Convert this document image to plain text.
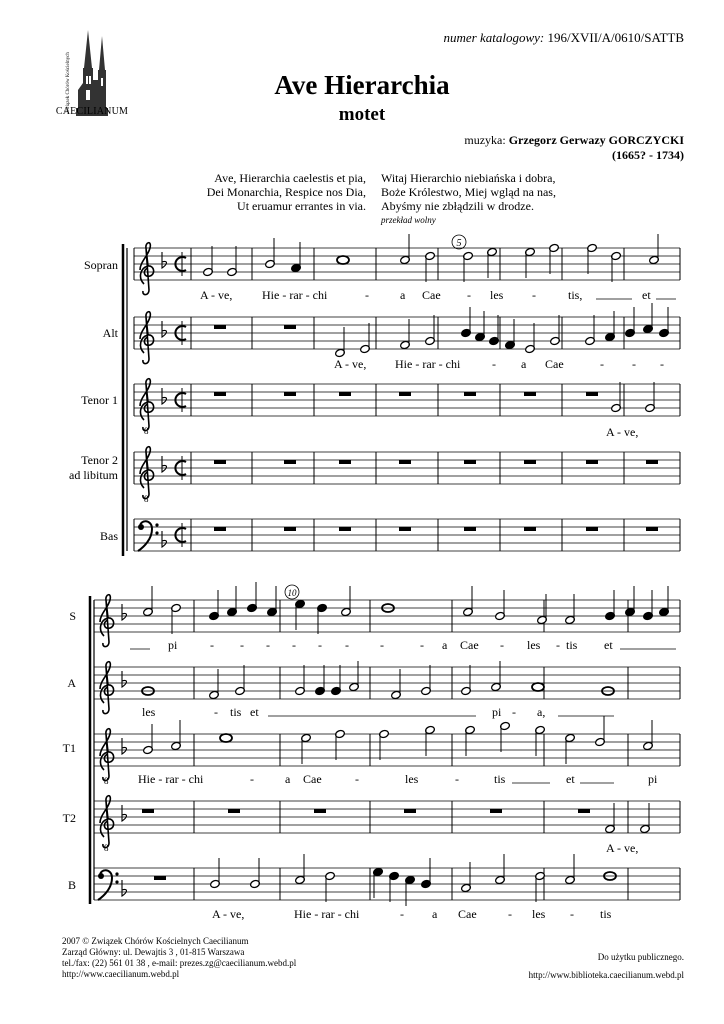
Związek Chórów Kościelnych
CAECILIANUM
numer katalogowy: 196/XVII/A/0610/SATTB
Ave Hierarchia
motet
muzyka: Grzegorz Gerwazy GORCZYCKI
(1665? - 1734)
Ave, Hierarchia caelestis et pia,
Dei Monarchia, Respice nos Dia,
Ut eruamur errantes in via.
Witaj Hierarchio niebiańska i dobra,
Boże Królestwo, Miej wgląd na nas,
Abyśmy nie zbłądzili w drodze.
przekład wolny
8
8
Sopran
Alt
Tenor 1
Tenor 2
ad libitum
Bas
5
A - ve, Hie - rar - chi	-	a Cae - les -	tis,	et
A - ve, Hie - rar - chi	- a Cae	- - -
A - ve,
8
8
S
A
T1
T2
B
10
pi	- - - - - -	-	- a Cae - les - tis et
les	- tis et	pi - a,
Hie - rar - chi	-	a Cae	-	les	-	tis	et	pi
A - ve,
A - ve,	Hie - rar - chi	- a Cae	- les - tis
2007 © Związek Chórów Kościelnych Caecilianum
Zarząd Główny: ul. Dewajtis 3 , 01-815 Warszawa
tel./fax: (22) 561 01 38 , e-mail: prezes.zg@caecilianum.webd.pl
http://www.caecilianum.webd.pl
Do użytku publicznego.
http://www.biblioteka.caecilianum.webd.pl
